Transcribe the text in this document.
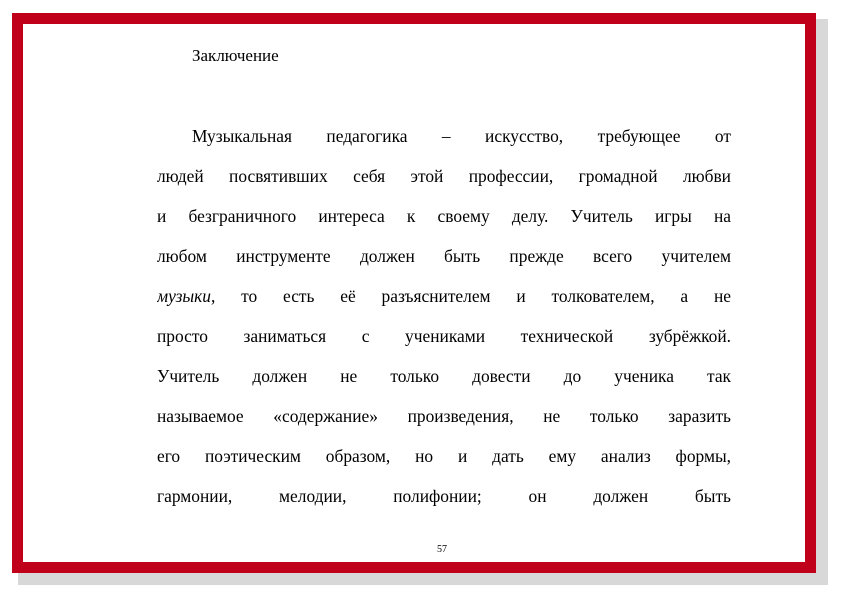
Заключение
Музыкальная педагогика – искусство, требующее от
людей посвятивших себя этой профессии, громадной любви
и безграничного интереса к своему делу. Учитель игры на
любом инструменте должен быть прежде всего учителем
музыки, то есть её разъяснителем и толкователем, а не
просто заниматься с учениками технической зубрёжкой.
Учитель должен не только довести до ученика так
называемое «содержание» произведения, не только заразить
его поэтическим образом, но и дать ему анализ формы,
гармонии, мелодии, полифонии; он должен быть
57
